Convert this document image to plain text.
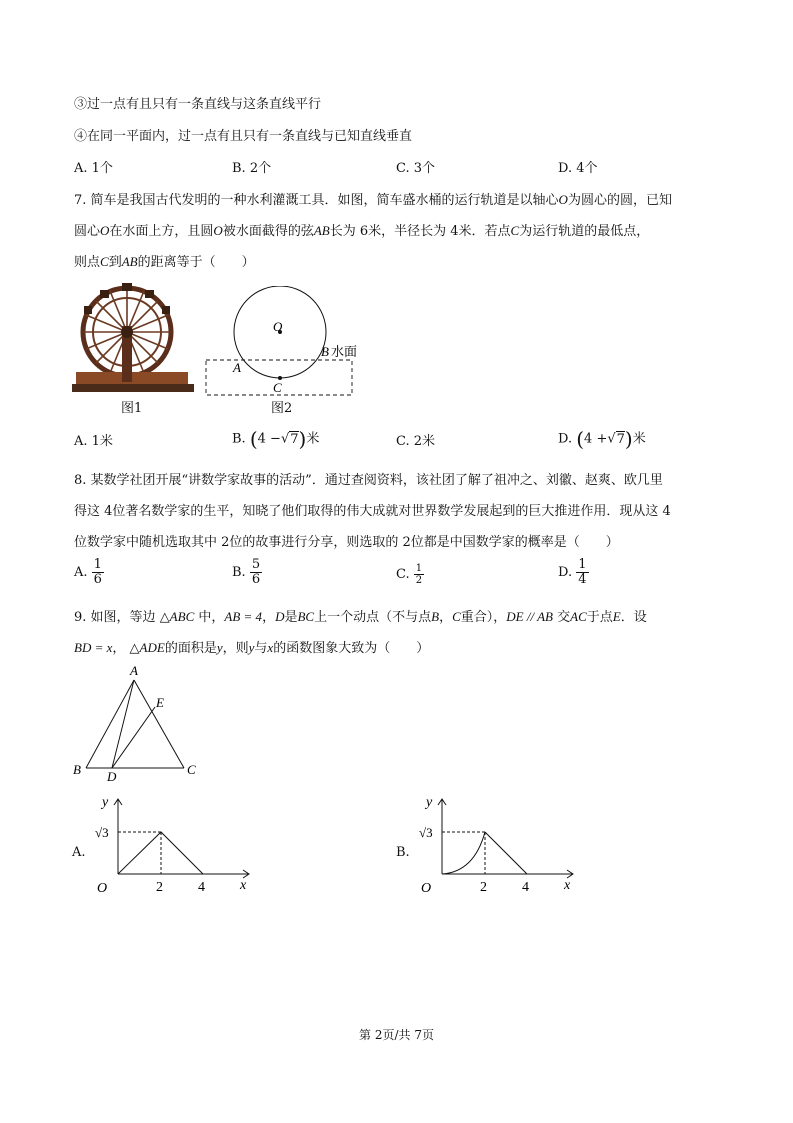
③过一点有且只有一条直线与这条直线平行
④在同一平面内，过一点有且只有一条直线与已知直线垂直
A. 1个	B. 2个	C. 3个	D. 4个
7. 简车是我国古代发明的一种水利灌溉工具．如图，简车盛水桶的运行轨道是以轴心O为圆心的圆，已知
圆心O在水面上方，且圆O被水面截得的弦AB长为 6米，半径长为 4米．若点C为运行轨道的最低点，
则点C到AB的距离等于（　　）
图1
O
A
B 水面
C
图2
A. 1米	B. (4 −√7)米	C. 2米	D. (4 +√7)米
8. 某数学社团开展“讲数学家故事的活动”．通过查阅资料，该社团了解了祖冲之、刘徽、赵爽、欧几里
得这 4位著名数学家的生平，知晓了他们取得的伟大成就对世界数学发展起到的巨大推进作用．现从这 4
位数学家中随机选取其中 2位的故事进行分享，则选取的 2位都是中国数学家的概率是（　　）
A. $\frac{1}{6}$	B. $\frac{5}{6}$	C. $\frac{1}{2}$	D. $\frac{1}{4}$
9. 如图，等边 △ABC 中，AB = 4，D是BC上一个动点（不与点B，C重合），DE // AB 交AC于点E．设
BD = x， △ADE的面积是y，则y与x的函数图象大致为（　　）
A
B	C
D
E
A.
y
x
O
√3
2	4
B.
y
x
O
√3
2	4
第 2页/共 7页
